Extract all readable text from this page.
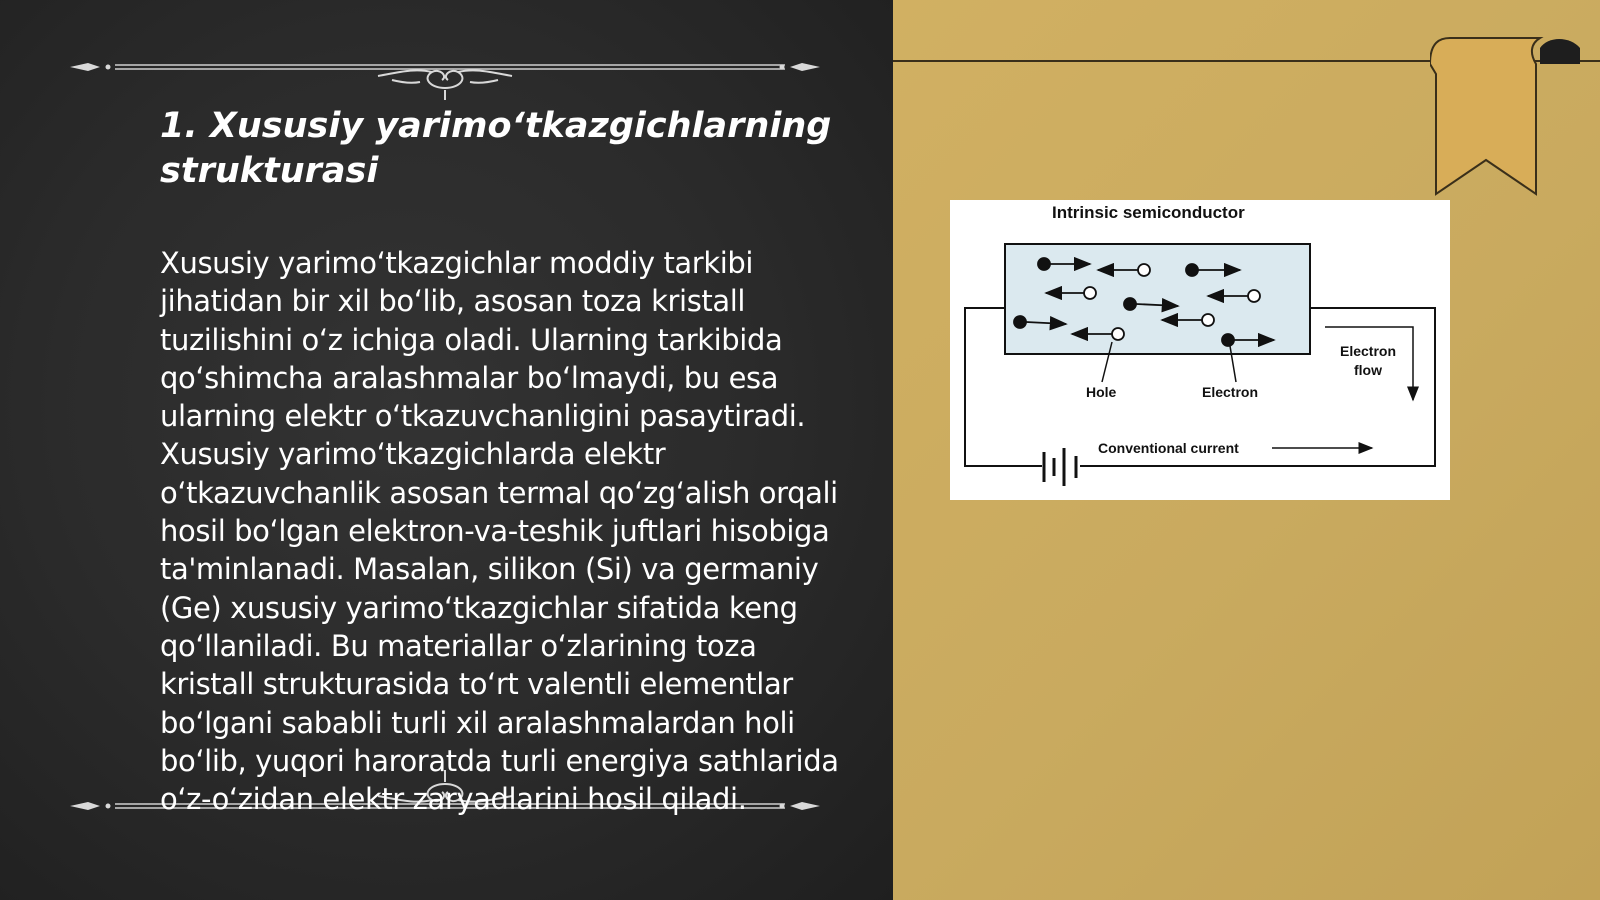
1. Xususiy yarimo‘tkazgichlarning strukturasi

Xususiy yarimo‘tkazgichlar moddiy tarkibi jihatidan bir xil bo‘lib, asosan toza kristall tuzilishini o‘z ichiga oladi. Ularning tarkibida qo‘shimcha aralashmalar bo‘lmaydi, bu esa ularning elektr o‘tkazuvchanligini pasaytiradi. Xususiy yarimo‘tkazgichlarda elektr o‘tkazuvchanlik asosan termal qo‘zg‘alish orqali hosil bo‘lgan elektron-va-teshik juftlari hisobiga ta'minlanadi. Masalan, silikon (Si) va germaniy (Ge) xususiy yarimo‘tkazgichlar sifatida keng qo‘llaniladi. Bu materiallar o‘zlarining toza kristall strukturasida to‘rt valentli elementlar bo‘lgani sababli turli xil aralashmalardan holi bo‘lib, yuqori haroratda turli energiya sathlarida o‘z-o‘zidan elektr zaryadlarini hosil qiladi.

Intrinsic semiconductor
Hole	Electron
Electron
flow
Conventional current
